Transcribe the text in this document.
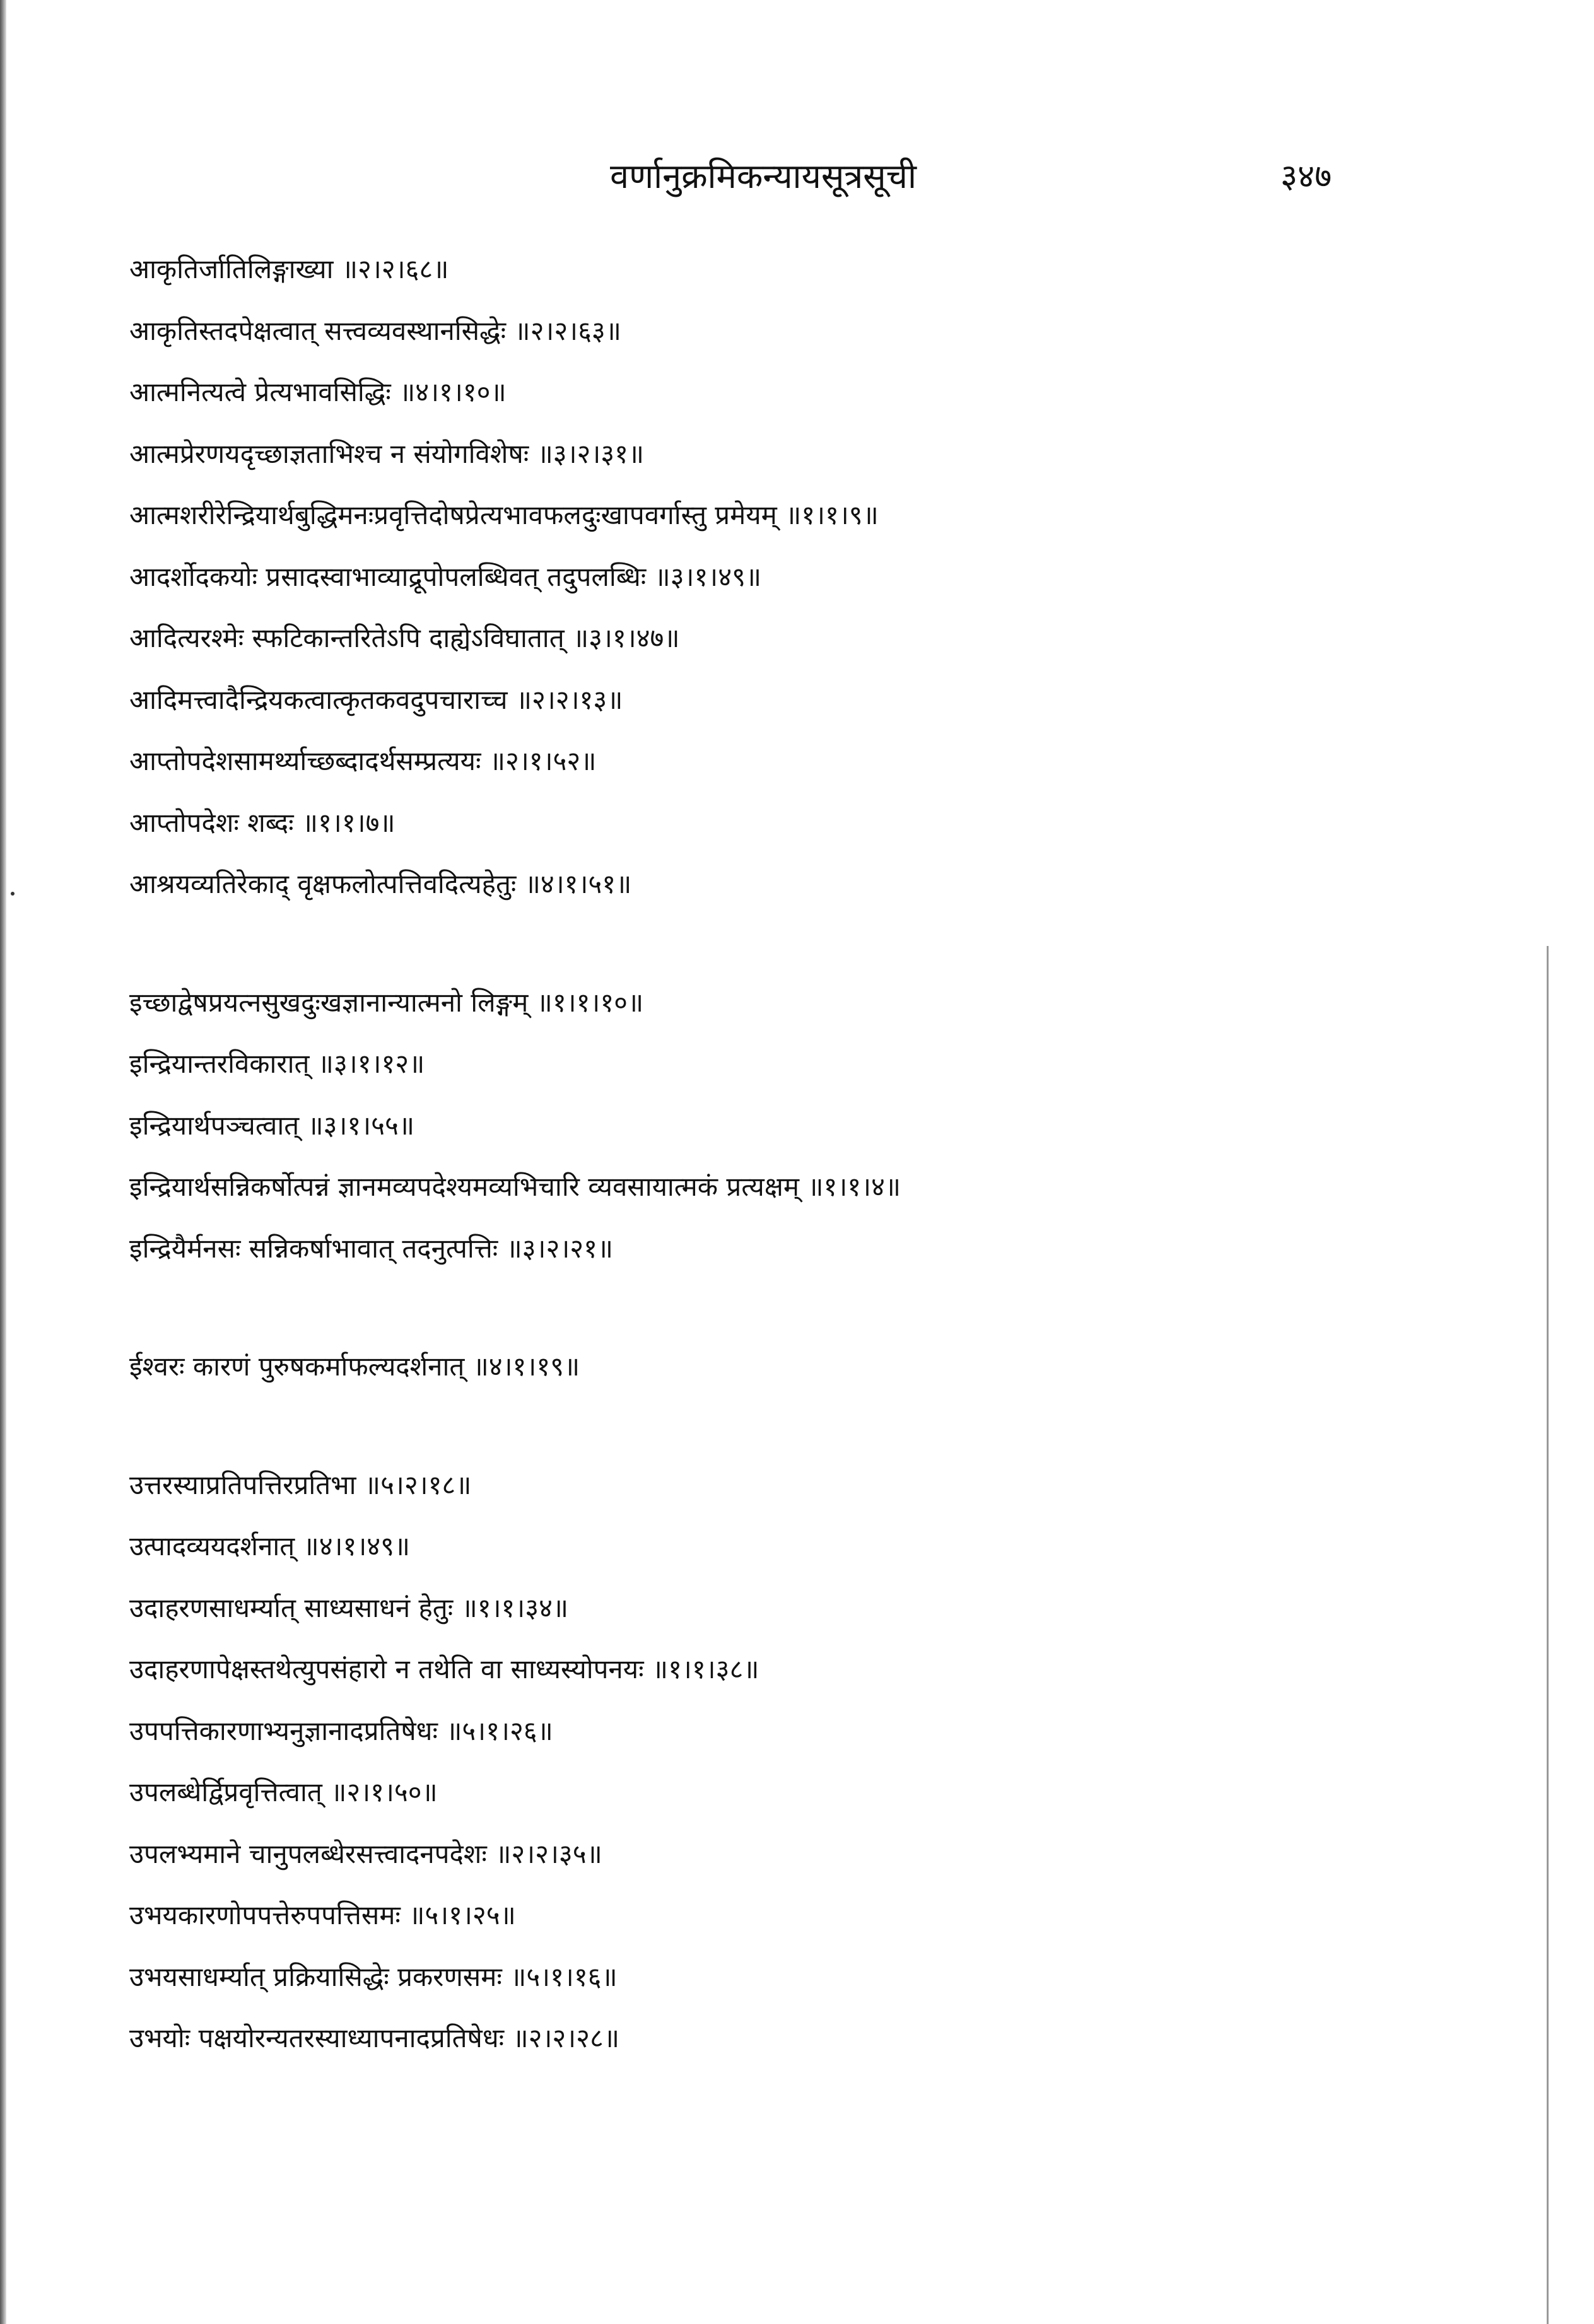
वर्णानुक्रमिकन्यायसूत्रसूची	३४७
आकृतिर्जातिलिङ्गाख्या ॥२।२।६८॥
आकृतिस्तदपेक्षत्वात् सत्त्वव्यवस्थानसिद्धेः ॥२।२।६३॥
आत्मनित्यत्वे प्रेत्यभावसिद्धिः ॥४।१।१०॥
आत्मप्रेरणयदृच्छाज्ञताभिश्च न संयोगविशेषः ॥३।२।३१॥
आत्मशरीरेन्द्रियार्थबुद्धिमनःप्रवृत्तिदोषप्रेत्यभावफलदुःखापवर्गास्तु प्रमेयम् ॥१।१।९॥
आदर्शोदकयोः प्रसादस्वाभाव्याद्रूपोपलब्धिवत् तदुपलब्धिः ॥३।१।४९॥
आदित्यरश्मेः स्फटिकान्तरितेऽपि दाह्येऽविघातात् ॥३।१।४७॥
आदिमत्त्वादैन्द्रियकत्वात्कृतकवदुपचाराच्च ॥२।२।१३॥
आप्तोपदेशसामर्थ्याच्छब्दादर्थसम्प्रत्ययः ॥२।१।५२॥
आप्तोपदेशः शब्दः ॥१।१।७॥
आश्रयव्यतिरेकाद् वृक्षफलोत्पत्तिवदित्यहेतुः ॥४।१।५१॥
इच्छाद्वेषप्रयत्नसुखदुःखज्ञानान्यात्मनो लिङ्गम् ॥१।१।१०॥
इन्द्रियान्तरविकारात् ॥३।१।१२॥
इन्द्रियार्थपञ्चत्वात् ॥३।१।५५॥
इन्द्रियार्थसन्निकर्षोत्पन्नं ज्ञानमव्यपदेश्यमव्यभिचारि व्यवसायात्मकं प्रत्यक्षम् ॥१।१।४॥
इन्द्रियैर्मनसः सन्निकर्षाभावात् तदनुत्पत्तिः ॥३।२।२१॥
ईश्वरः कारणं पुरुषकर्माफल्यदर्शनात् ॥४।१।१९॥
उत्तरस्याप्रतिपत्तिरप्रतिभा ॥५।२।१८॥
उत्पादव्ययदर्शनात् ॥४।१।४९॥
उदाहरणसाधर्म्यात् साध्यसाधनं हेतुः ॥१।१।३४॥
उदाहरणापेक्षस्तथेत्युपसंहारो न तथेति वा साध्यस्योपनयः ॥१।१।३८॥
उपपत्तिकारणाभ्यनुज्ञानादप्रतिषेधः ॥५।१।२६॥
उपलब्धेर्द्विप्रवृत्तित्वात् ॥२।१।५०॥
उपलभ्यमाने चानुपलब्धेरसत्त्वादनपदेशः ॥२।२।३५॥
उभयकारणोपपत्तेरुपपत्तिसमः ॥५।१।२५॥
उभयसाधर्म्यात् प्रक्रियासिद्धेः प्रकरणसमः ॥५।१।१६॥
उभयोः पक्षयोरन्यतरस्याध्यापनादप्रतिषेधः ॥२।२।२८॥
